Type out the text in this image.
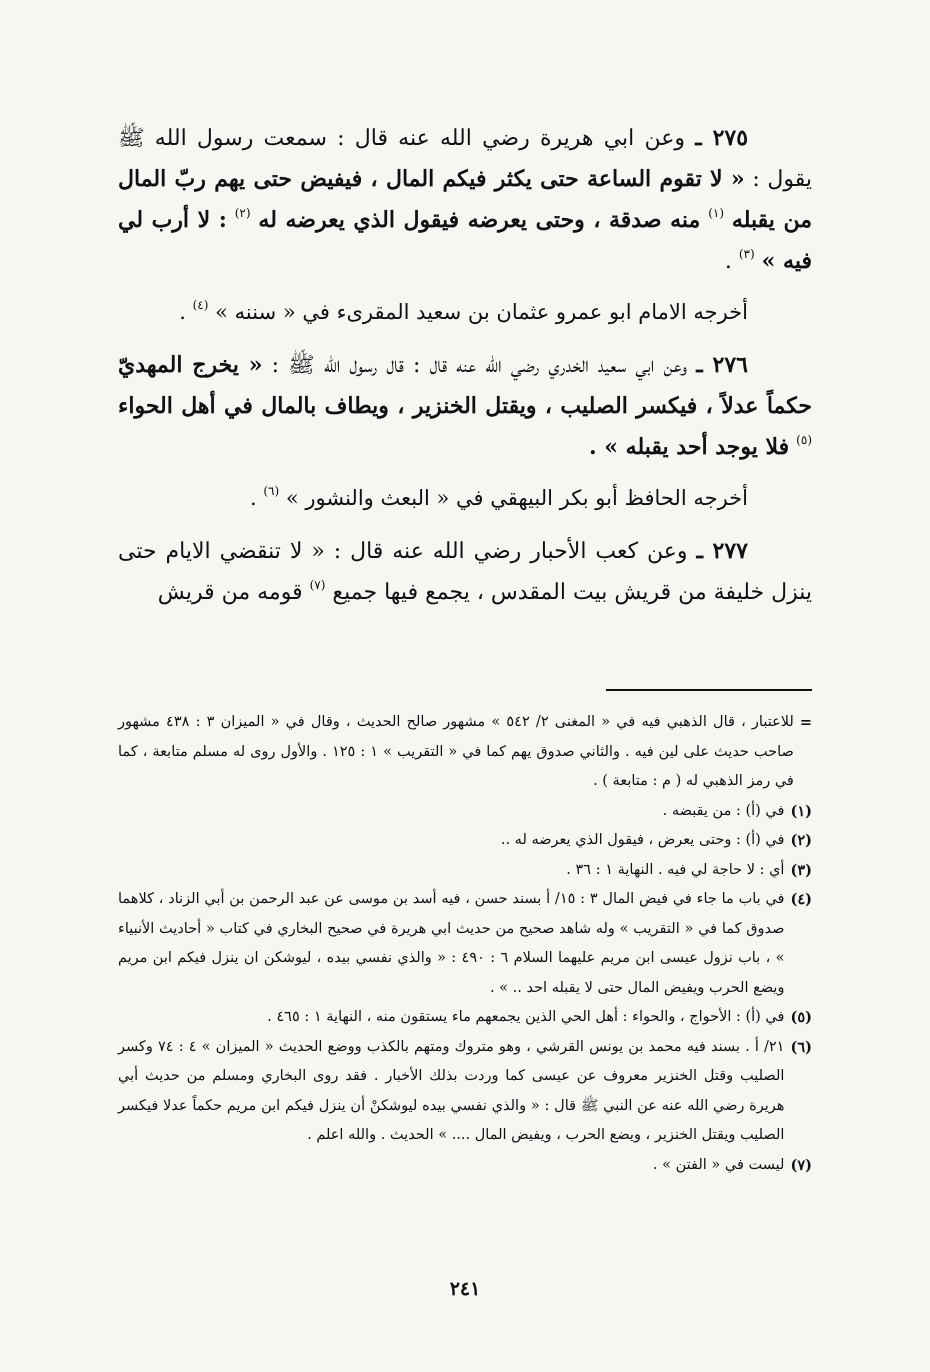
٢٧٥ ـ وعن ابي هريرة رضي الله عنه قال : سمعت رسول الله ﷺ يقول : « لا تقوم الساعة حتى يكثر فيكم المال ، فيفيض حتى يهم ربّ المال من يقبله $^{(١)}$ منه صدقة ، وحتى يعرضه فيقول الذي يعرضه له $^{(٢)}$ : لا أرب لي فيه » $^{(٣)}$ .

أخرجه الامام ابو عمرو عثمان بن سعيد المقرىء في « سننه » $^{(٤)}$ .

٢٧٦ ـ وعن ابي سعيد الخدري رضي الله عنه قال : قال رسول الله ﷺ : « يخرج المهديّ حكماً عدلاً ، فيكسر الصليب ، ويقتل الخنزير ، ويطاف بالمال في أهل الحواء $^{(٥)}$ فلا يوجد أحد يقبله » .

أخرجه الحافظ أبو بكر البيهقي في « البعث والنشور » $^{(٦)}$ .

٢٧٧ ـ وعن كعب الأحبار رضي الله عنه قال : « لا تنقضي الايام حتى ينزل خليفة من قريش بيت المقدس ، يجمع فيها جميع $^{(٧)}$ قومه من قريش

=
للاعتبار ، قال الذهبي فيه في « المغنى ٢/ ٥٤٢ » مشهور صالح الحديث ، وقال في « الميزان ٣ : ٤٣٨ مشهور صاحب حديث على لين فيه . والثاني صدوق يهم كما في « التقريب » ١ : ١٢٥ . والأول روى له مسلم متابعة ، كما في رمز الذهبي له ( م : متابعة ) .
(١)
في (أ) : من يقبضه .
(٢)
في (أ) : وحتى يعرض ، فيقول الذي يعرضه له ..
(٣)
أي : لا حاجة لي فيه . النهاية ١ : ٣٦ .
(٤)
في باب ما جاء في فيض المال ٣ : ١٥/ أ بسند حسن ، فيه أسد بن موسى عن عبد الرحمن بن أبي الزناد ، كلاهما صدوق كما في « التقريب » وله شاهد صحيح من حديث ابي هريرة في صحيح البخاري في كتاب « أحاديث الأنبياء » ، باب نزول عيسى ابن مريم عليهما السلام ٦ : ٤٩٠ : « والذي نفسي بيده ، ليوشكن ان ينزل فيكم ابن مريم ويضع الحرب ويفيض المال حتى لا يقبله احد .. » .
(٥)
في (أ) : الأحواج ، والحواء : أهل الحي الذين يجمعهم ماء يستقون منه ، النهاية ١ : ٤٦٥ .
(٦)
٢١/ أ . بسند فيه محمد بن يونس القرشي ، وهو متروك ومتهم بالكذب ووضع الحديث « الميزان » ٤ : ٧٤ وكسر الصليب وقتل الخنزير معروف عن عيسى كما وردت بذلك الأخبار . فقد روى البخاري ومسلم من حديث أبي هريرة رضي الله عنه عن النبي ﷺ قال : « والذي نفسي بيده ليوشكنْ أن ينزل فيكم ابن مريم حكماً عدلا فيكسر الصليب ويقتل الخنزير ، ويضع الحرب ، ويفيض المال .... » الحديث . والله اعلم .
(٧)
ليست في « الفتن » .
٢٤١
